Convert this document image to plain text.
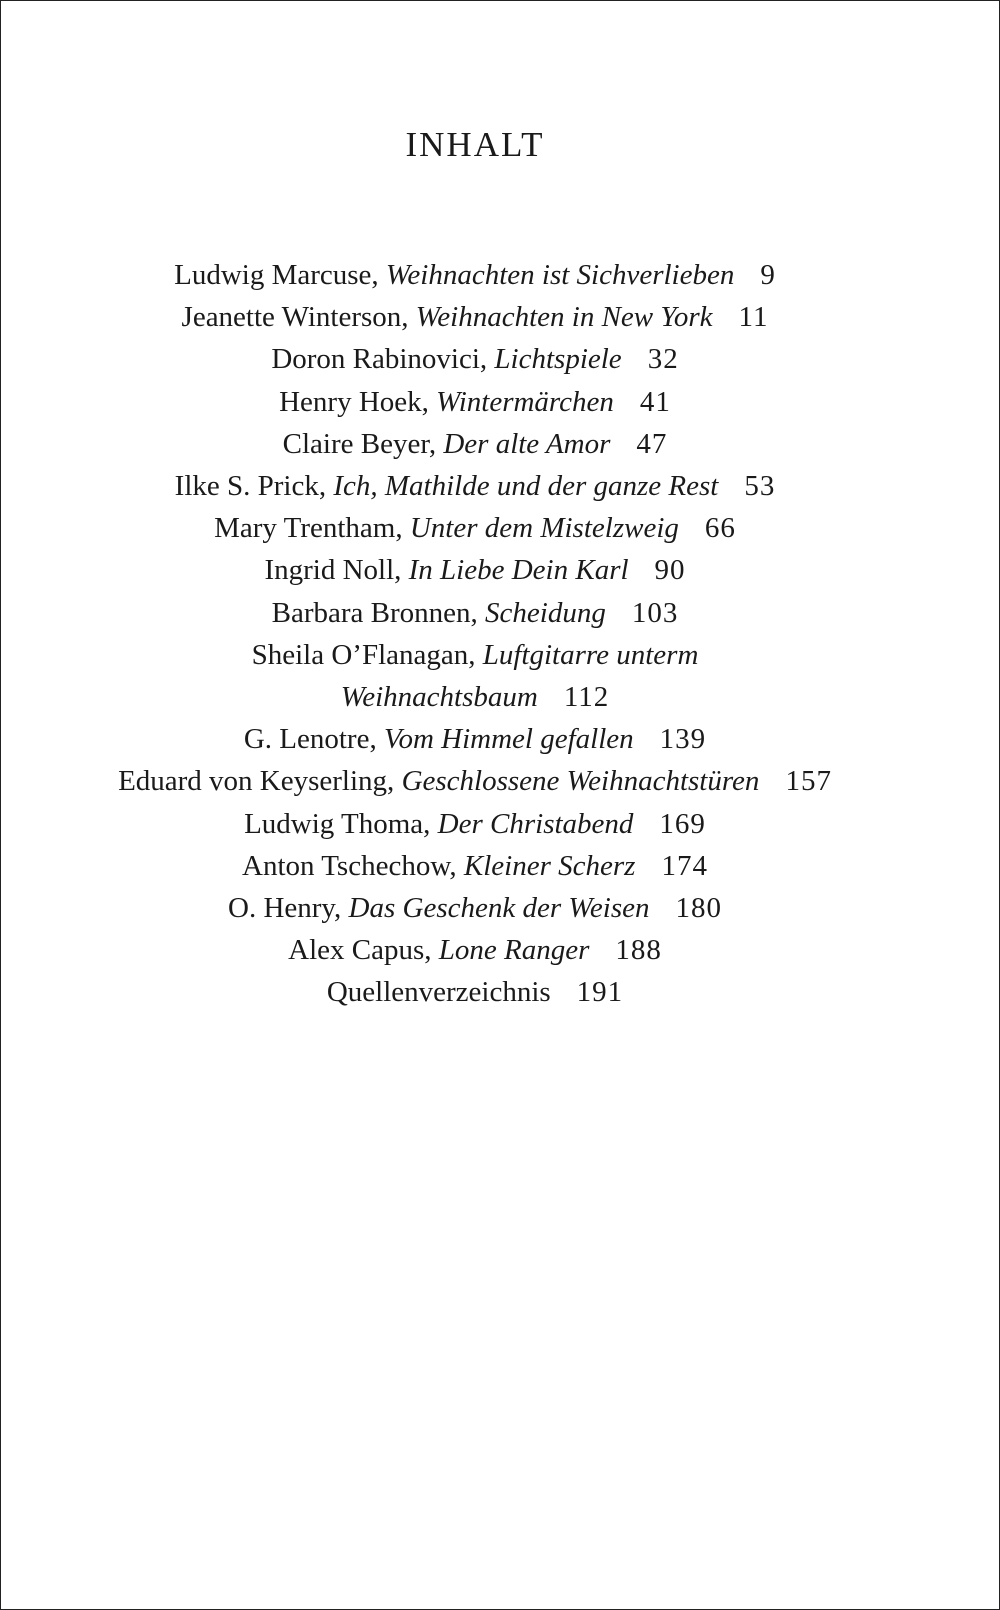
INHALT
Ludwig Marcuse, Weihnachten ist Sichverlieben 9
Jeanette Winterson, Weihnachten in New York 11
Doron Rabinovici, Lichtspiele 32
Henry Hoek, Wintermärchen 41
Claire Beyer, Der alte Amor 47
Ilke S. Prick, Ich, Mathilde und der ganze Rest 53
Mary Trentham, Unter dem Mistelzweig 66
Ingrid Noll, In Liebe Dein Karl 90
Barbara Bronnen, Scheidung 103
Sheila O’Flanagan, Luftgitarre unterm
Weihnachtsbaum 112
G. Lenotre, Vom Himmel gefallen 139
Eduard von Keyserling, Geschlossene Weihnachtstüren 157
Ludwig Thoma, Der Christabend 169
Anton Tschechow, Kleiner Scherz 174
O. Henry, Das Geschenk der Weisen 180
Alex Capus, Lone Ranger 188
Quellenverzeichnis 191
